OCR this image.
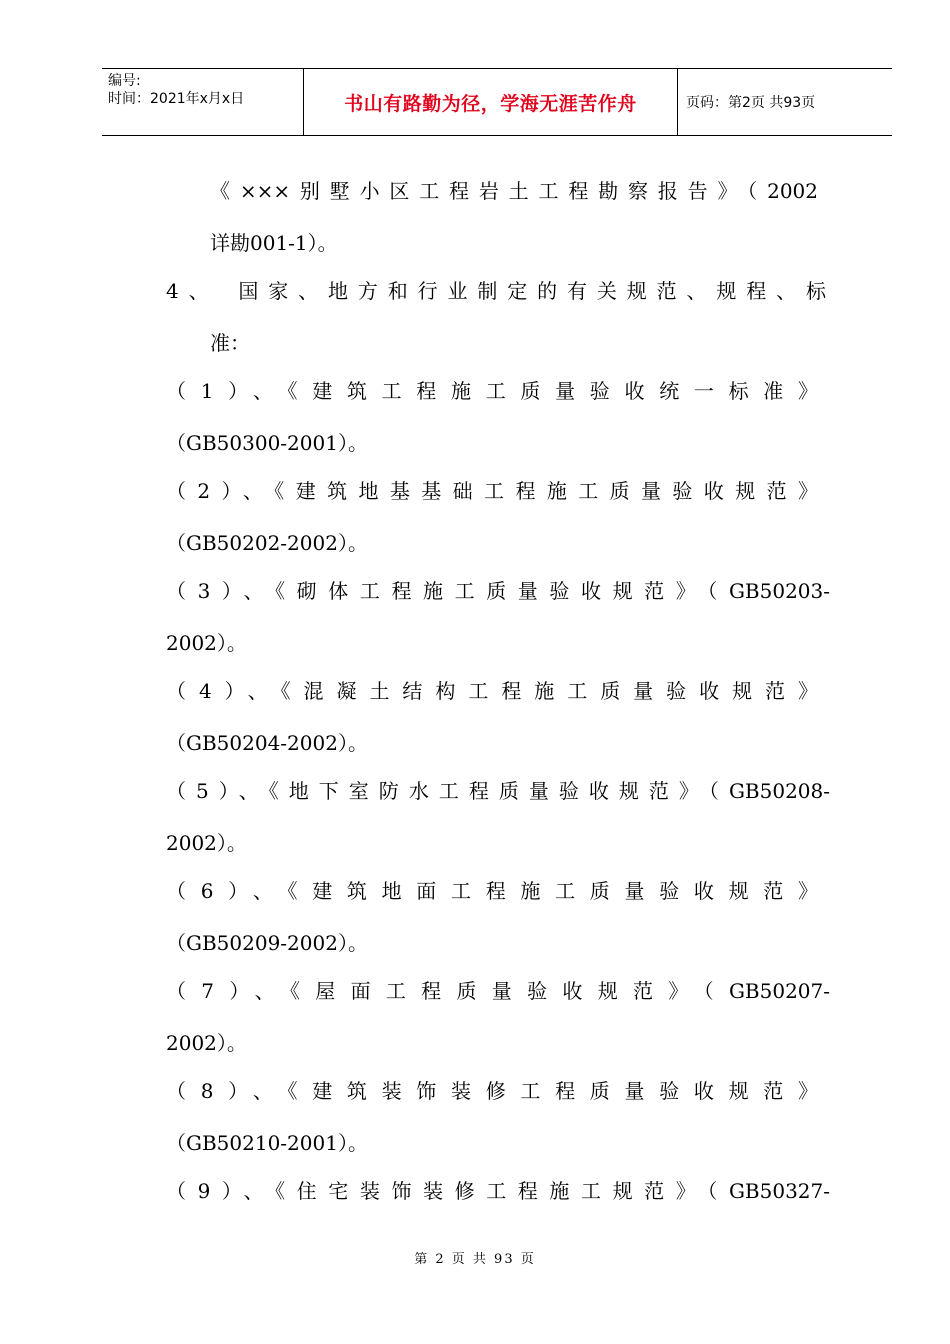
编号:
时间：2021年x月x日	书山有路勤为径，学海无涯苦作舟	页码：第2页 共93页
《×××别墅小区工程岩土工程勘察报告》（2002
详勘001-1）。
4、　国家、地方和行业制定的有关规范、规程、标
准：
（1）、《建筑工程施工质量验收统一标准》
（GB50300-2001）。
（2）、《建筑地基基础工程施工质量验收规范》
（GB50202-2002）。
（3）、《砌体工程施工质量验收规范》（GB50203-
2002）。
（4）、《混凝土结构工程施工质量验收规范》
（GB50204-2002）。
（5）、《地下室防水工程质量验收规范》（GB50208-
2002）。
（6）、《建筑地面工程施工质量验收规范》
（GB50209-2002）。
（7）、《屋面工程质量验收规范》（GB50207-
2002）。
（8）、《建筑装饰装修工程质量验收规范》
（GB50210-2001）。
（9）、《住宅装饰装修工程施工规范》（GB50327-
第 2 页 共 93 页
